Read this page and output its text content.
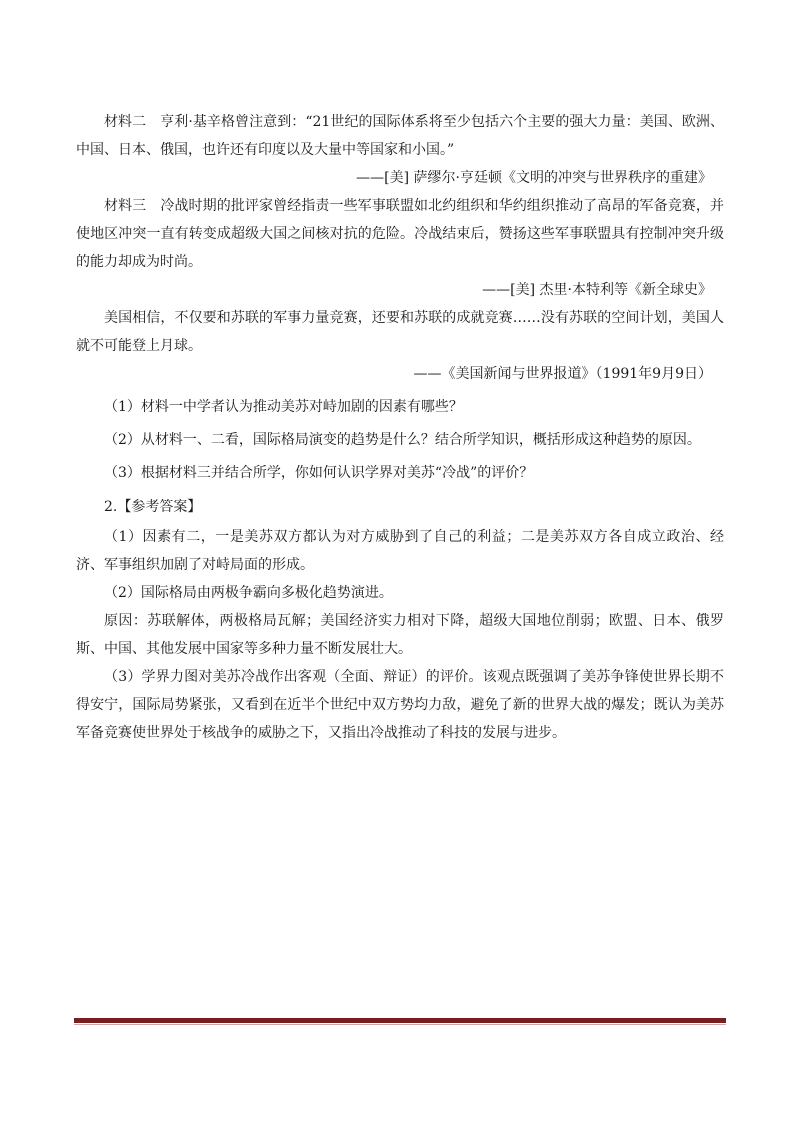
材料二　亨利·基辛格曾注意到：“21世纪的国际体系将至少包括六个主要的强大力量：美国、欧洲、中国、日本、俄国，也许还有印度以及大量中等国家和小国。”

——[美] 萨缪尔·亨廷顿《文明的冲突与世界秩序的重建》

材料三　冷战时期的批评家曾经指责一些军事联盟如北约组织和华约组织推动了高昂的军备竞赛，并使地区冲突一直有转变成超级大国之间核对抗的危险。冷战结束后，赞扬这些军事联盟具有控制冲突升级的能力却成为时尚。

——[美] 杰里·本特利等《新全球史》

美国相信，不仅要和苏联的军事力量竞赛，还要和苏联的成就竞赛……没有苏联的空间计划，美国人就不可能登上月球。

——《美国新闻与世界报道》（1991年9月9日）

（1）材料一中学者认为推动美苏对峙加剧的因素有哪些？

（2）从材料一、二看，国际格局演变的趋势是什么？结合所学知识，概括形成这种趋势的原因。

（3）根据材料三并结合所学，你如何认识学界对美苏“冷战”的评价？

2.【参考答案】

（1）因素有二，一是美苏双方都认为对方威胁到了自己的利益；二是美苏双方各自成立政治、经济、军事组织加剧了对峙局面的形成。

（2）国际格局由两极争霸向多极化趋势演进。

原因：苏联解体，两极格局瓦解；美国经济实力相对下降，超级大国地位削弱；欧盟、日本、俄罗斯、中国、其他发展中国家等多种力量不断发展壮大。

（3）学界力图对美苏冷战作出客观（全面、辩证）的评价。该观点既强调了美苏争锋使世界长期不得安宁，国际局势紧张，又看到在近半个世纪中双方势均力敌，避免了新的世界大战的爆发；既认为美苏军备竞赛使世界处于核战争的威胁之下，又指出冷战推动了科技的发展与进步。
